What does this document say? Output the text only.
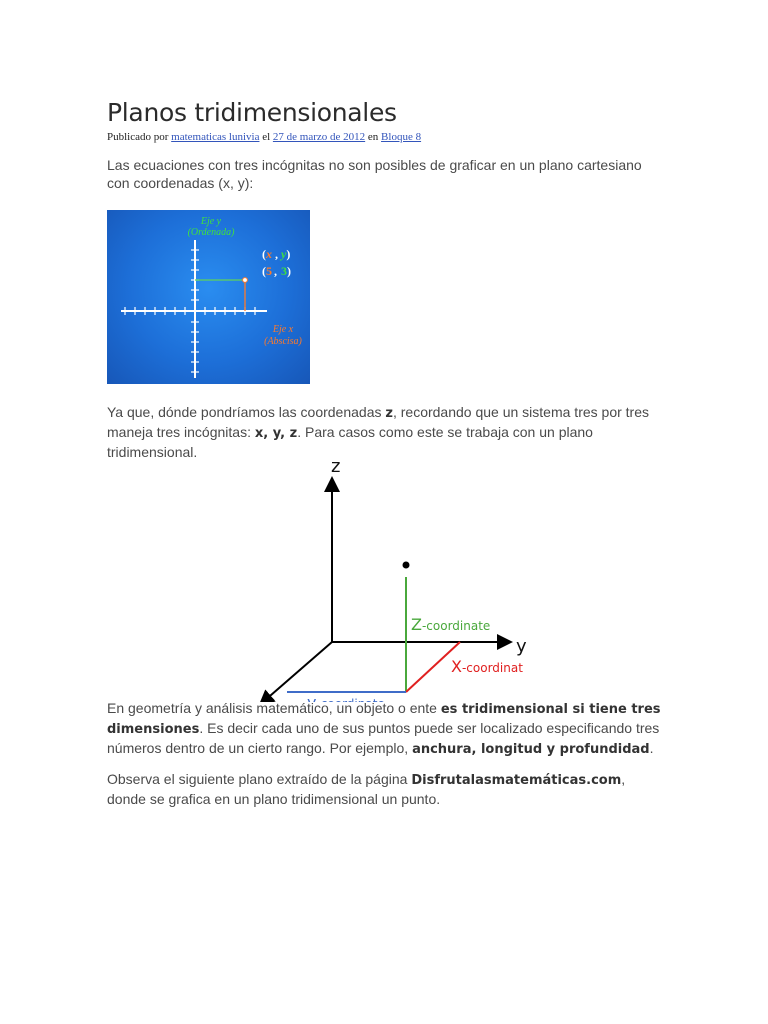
Planos tridimensionales
Publicado por matematicas lunivia el 27 de marzo de 2012 en Bloque 8

Las ecuaciones con tres incógnitas no son posibles de graficar en un plano cartesiano con coordenadas (x, y):

Eje y
(Ordenada)
Eje x
(Abscisa)
(x , y)
(5 , 3)

Ya que, dónde pondríamos las coordenadas z, recordando que un sistema tres por tres maneja tres incógnitas: x, y, z. Para casos como este se trabaja con un plano tridimensional.

z
y
Z-coordinate
X-coordinat

En geometría y análisis matemático, un objeto o ente es tridimensional si tiene tres dimensiones. Es decir cada uno de sus puntos puede ser localizado especificando tres números dentro de un cierto rango. Por ejemplo, anchura, longitud y profundidad.

Observa el siguiente plano extraído de la página Disfrutalasmatemáticas.com, donde se grafica en un plano tridimensional un punto.
